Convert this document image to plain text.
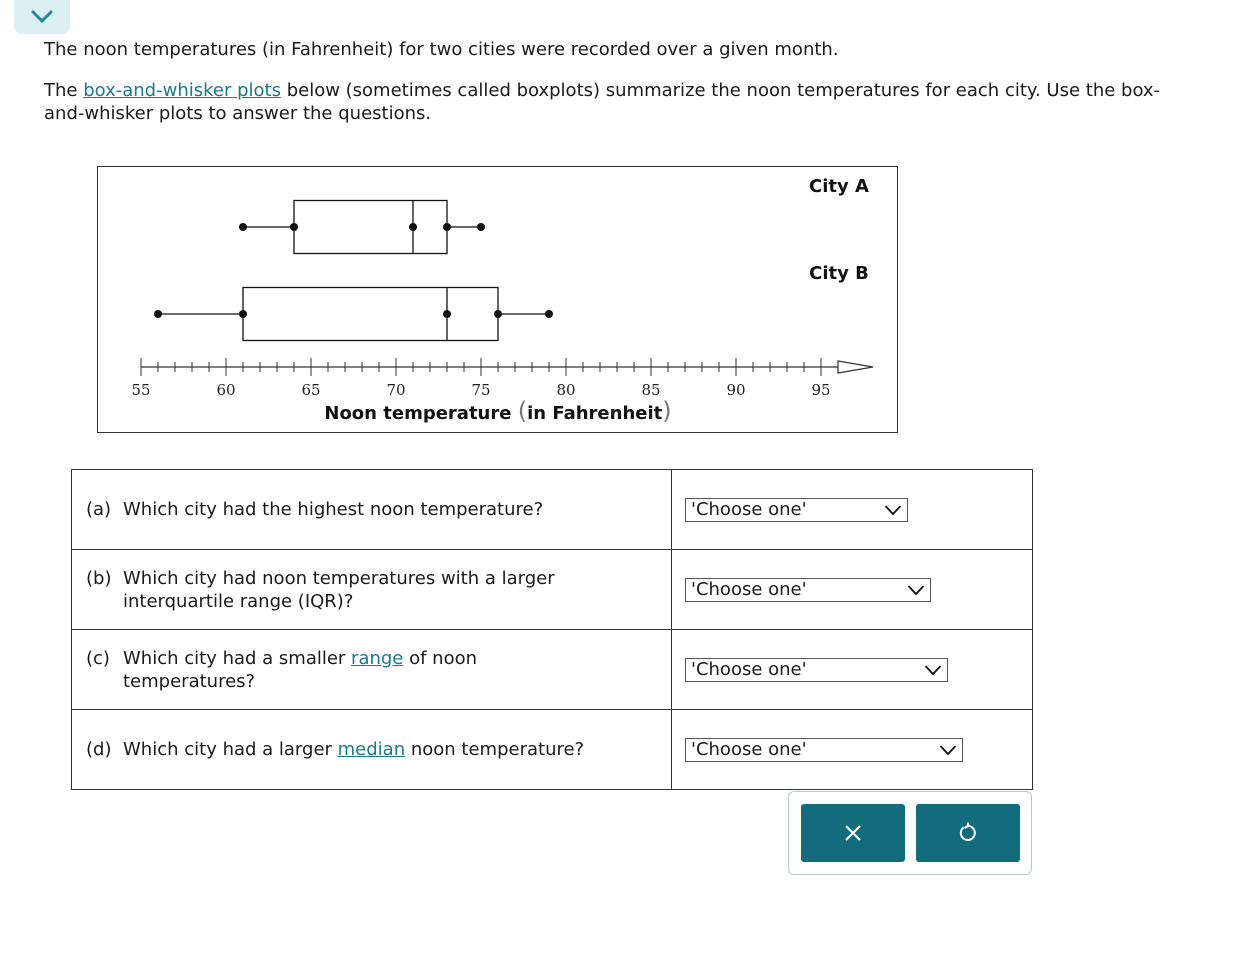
The noon temperatures (in Fahrenheit) for two cities were recorded over a given month.

The box-and-whisker plots below (sometimes called boxplots) summarize the noon temperatures for each city. Use the box-and-whisker plots to answer the questions.

55	60	65	70	75	80	85	90	95
Noon temperature (in Fahrenheit)
City A
City B
(a) Which city had the highest noon temperature?	'Choose one'

(b) Which city had noon temperatures with a larger interquartile range (IQR)?	'Choose one'

(c) Which city had a smaller range of noon temperatures?	'Choose one'

(d) Which city had a larger median noon temperature?	'Choose one'
